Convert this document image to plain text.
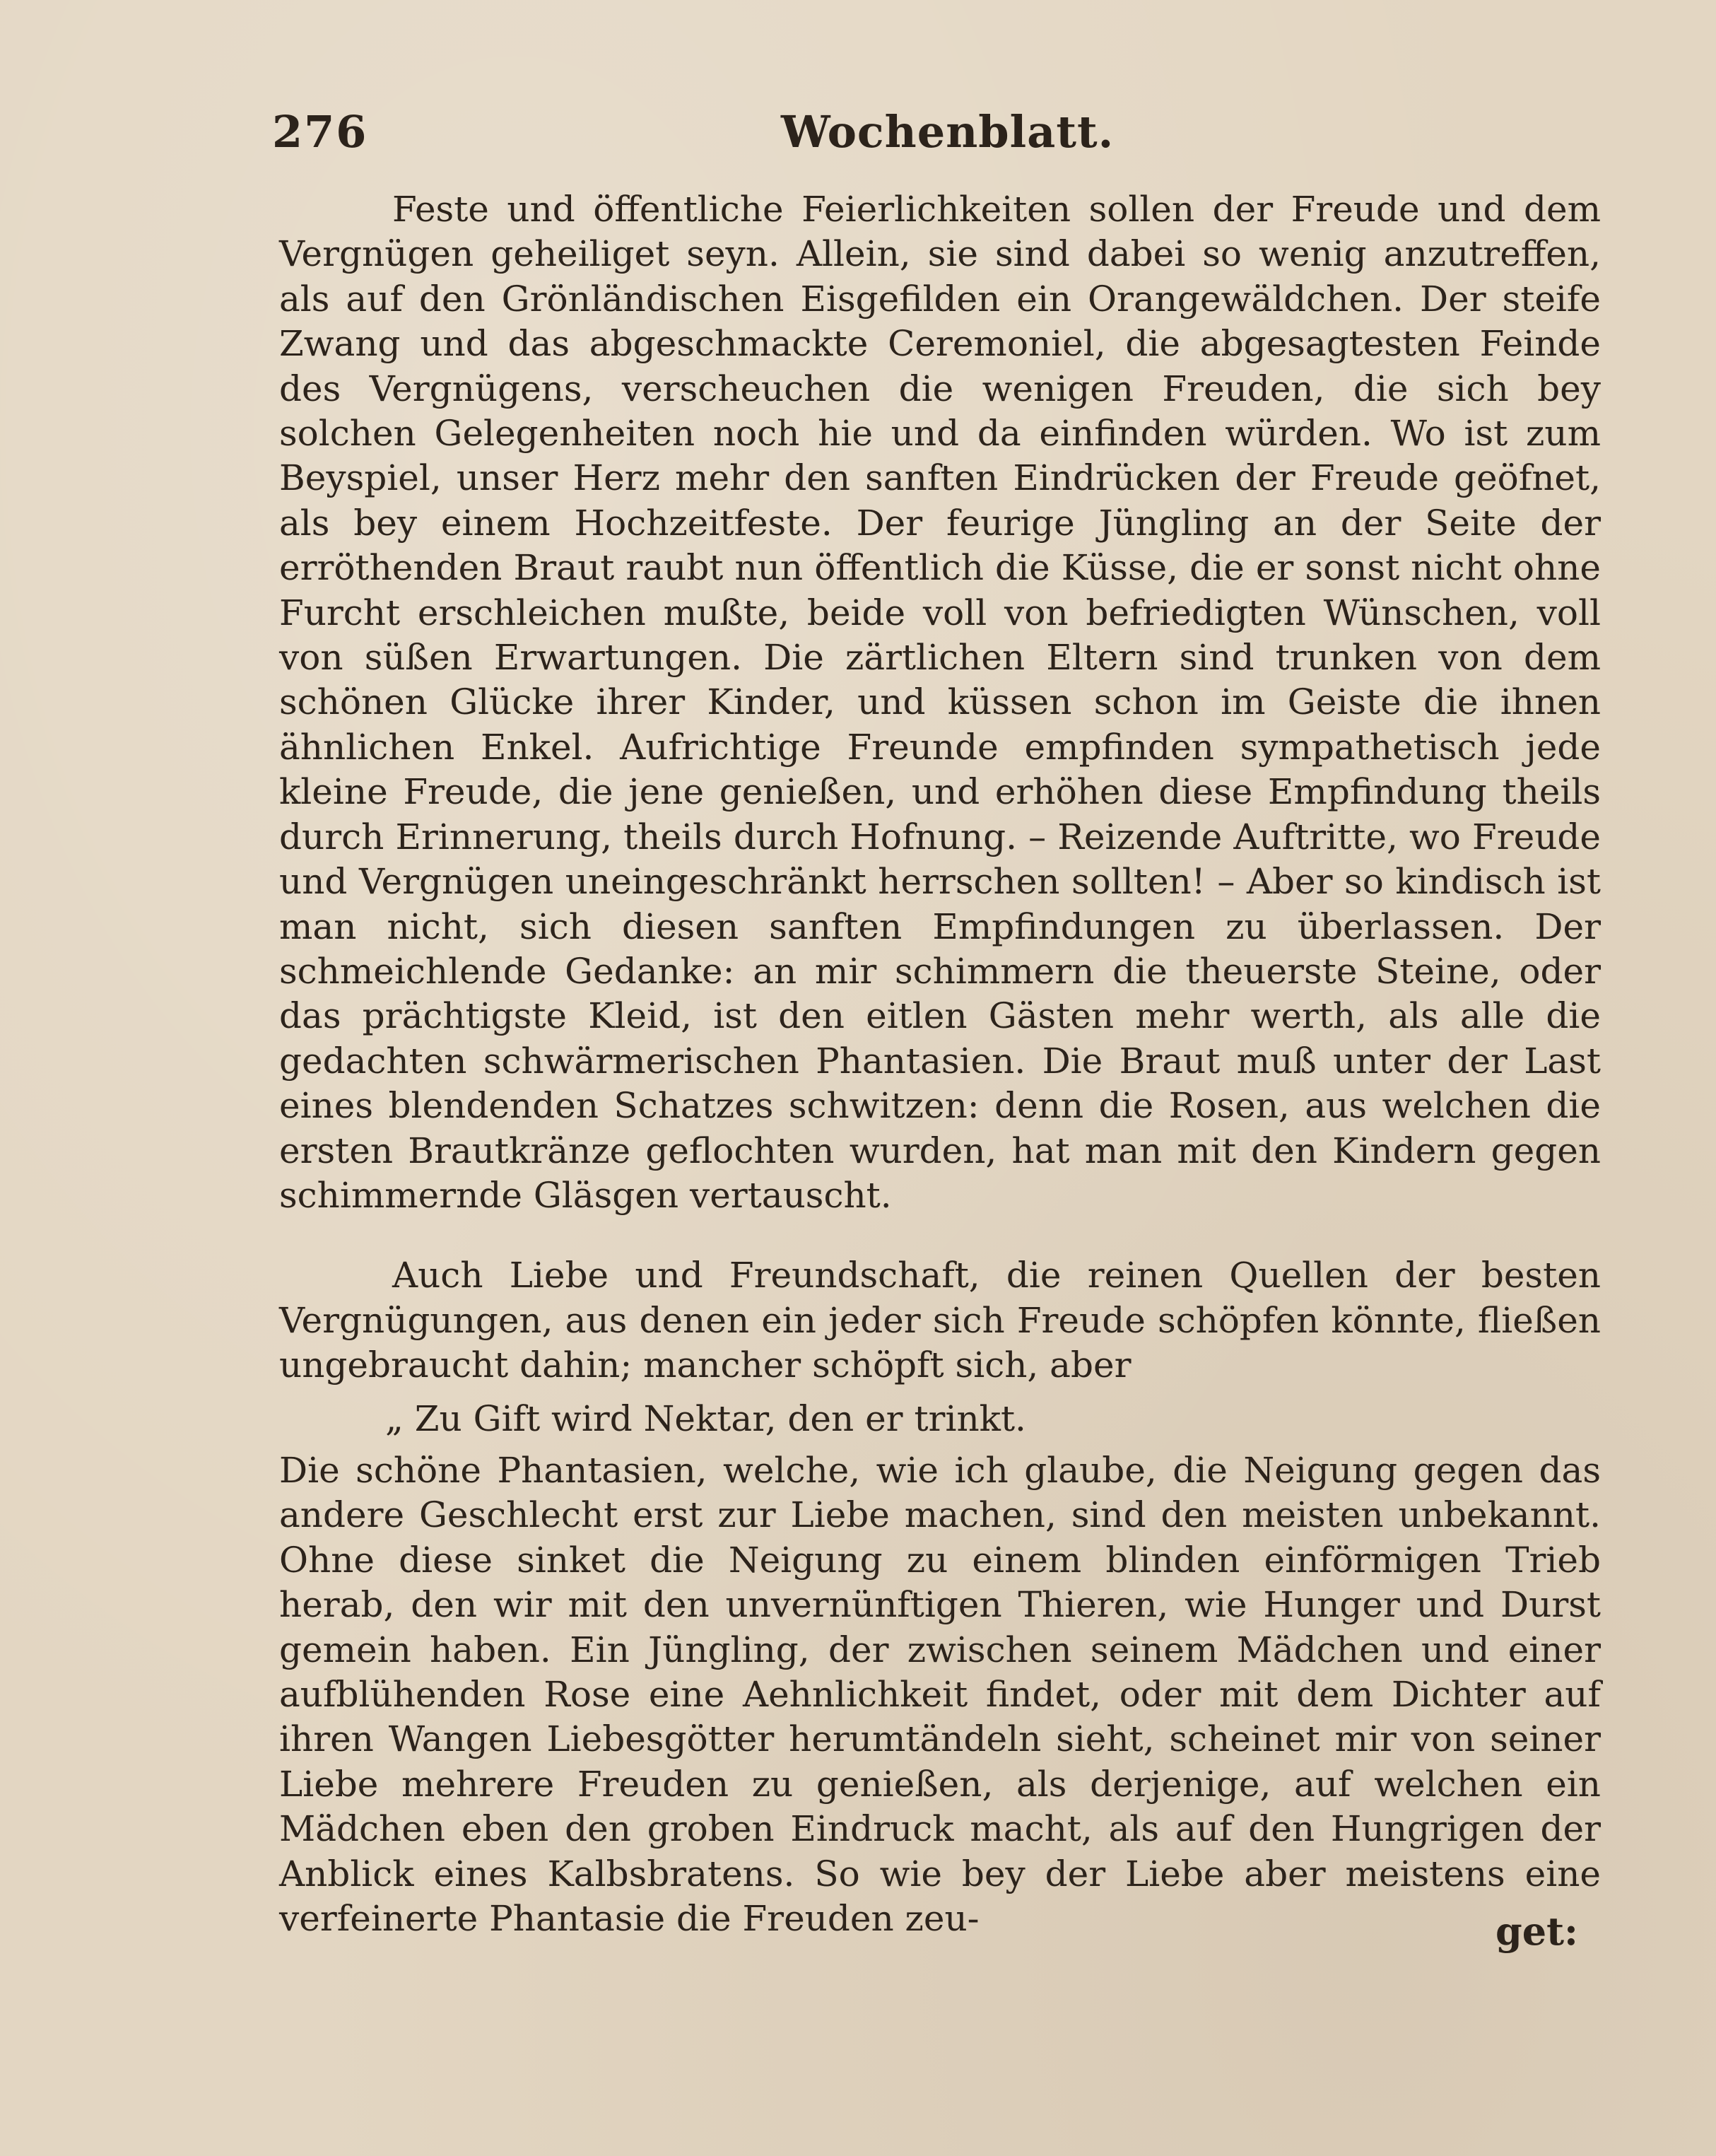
276	Wochenblatt.

Feste und öffentliche Feierlichkeiten sollen der Freude und dem Vergnügen geheiliget seyn. Allein, sie sind dabei so wenig anzutreffen, als auf den Grönländischen Eisgefilden ein Orangewäldchen. Der steife Zwang und das abgeschmackte Ceremoniel, die abgesagtesten Feinde des Vergnügens, verscheuchen die wenigen Freuden, die sich bey solchen Gelegenheiten noch hie und da einfinden würden. Wo ist zum Beyspiel, unser Herz mehr den sanften Eindrücken der Freude geöfnet, als bey einem Hochzeitfeste. Der feurige Jüngling an der Seite der erröthenden Braut raubt nun öffentlich die Küsse, die er sonst nicht ohne Furcht erschleichen mußte, beide voll von befriedigten Wünschen, voll von süßen Erwartungen. Die zärtlichen Eltern sind trunken von dem schönen Glücke ihrer Kinder, und küssen schon im Geiste die ihnen ähnlichen Enkel. Aufrichtige Freunde empfinden sympathetisch jede kleine Freude, die jene genießen, und erhöhen diese Empfindung theils durch Erinnerung, theils durch Hofnung. – Reizende Auftritte, wo Freude und Vergnügen uneingeschränkt herrschen sollten! – Aber so kindisch ist man nicht, sich diesen sanften Empfindungen zu überlassen. Der schmeichlende Gedanke: an mir schimmern die theuerste Steine, oder das prächtigste Kleid, ist den eitlen Gästen mehr werth, als alle die gedachten schwärmerischen Phantasien. Die Braut muß unter der Last eines blendenden Schatzes schwitzen: denn die Rosen, aus welchen die ersten Brautkränze geflochten wurden, hat man mit den Kindern gegen schimmernde Gläsgen vertauscht.

Auch Liebe und Freundschaft, die reinen Quellen der besten Vergnügungen, aus denen ein jeder sich Freude schöpfen könnte, fließen ungebraucht dahin; mancher schöpft sich, aber

„ Zu Gift wird Nektar, den er trinkt.

Die schöne Phantasien, welche, wie ich glaube, die Neigung gegen das andere Geschlecht erst zur Liebe machen, sind den meisten unbekannt. Ohne diese sinket die Neigung zu einem blinden einförmigen Trieb herab, den wir mit den unvernünftigen Thieren, wie Hunger und Durst gemein haben. Ein Jüngling, der zwischen seinem Mädchen und einer aufblühenden Rose eine Aehnlichkeit findet, oder mit dem Dichter auf ihren Wangen Liebesgötter herumtändeln sieht, scheinet mir von seiner Liebe mehrere Freuden zu genießen, als derjenige, auf welchen ein Mädchen eben den groben Eindruck macht, als auf den Hungrigen der Anblick eines Kalbsbratens. So wie bey der Liebe aber meistens eine verfeinerte Phantasie die Freuden zeu-	get:
